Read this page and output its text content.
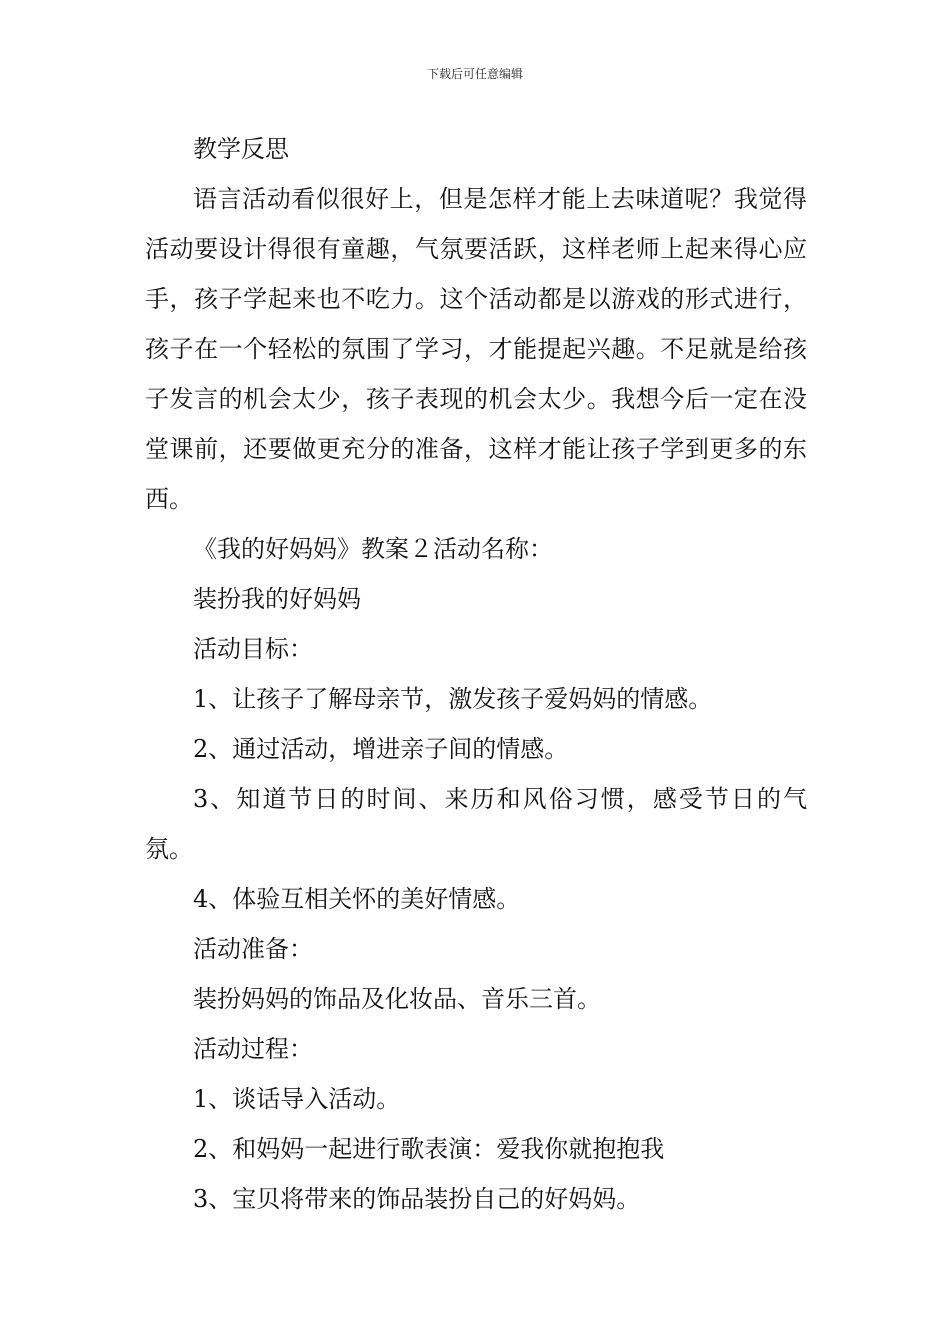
下载后可任意编辑

教学反思

语言活动看似很好上，但是怎样才能上去味道呢？我觉得活动要设计得很有童趣，气氛要活跃，这样老师上起来得心应手，孩子学起来也不吃力。这个活动都是以游戏的形式进行，孩子在一个轻松的氛围了学习，才能提起兴趣。不足就是给孩子发言的机会太少，孩子表现的机会太少。我想今后一定在没堂课前，还要做更充分的准备，这样才能让孩子学到更多的东西。

《我的好妈妈》教案２活动名称：

装扮我的好妈妈

活动目标：

1、让孩子了解母亲节，激发孩子爱妈妈的情感。

2、通过活动，增进亲子间的情感。

3、知道节日的时间、来历和风俗习惯，感受节日的气氛。

4、体验互相关怀的美好情感。

活动准备：

装扮妈妈的饰品及化妆品、音乐三首。

活动过程：

1、谈话导入活动。

2、和妈妈一起进行歌表演：爱我你就抱抱我

3、宝贝将带来的饰品装扮自己的好妈妈。
